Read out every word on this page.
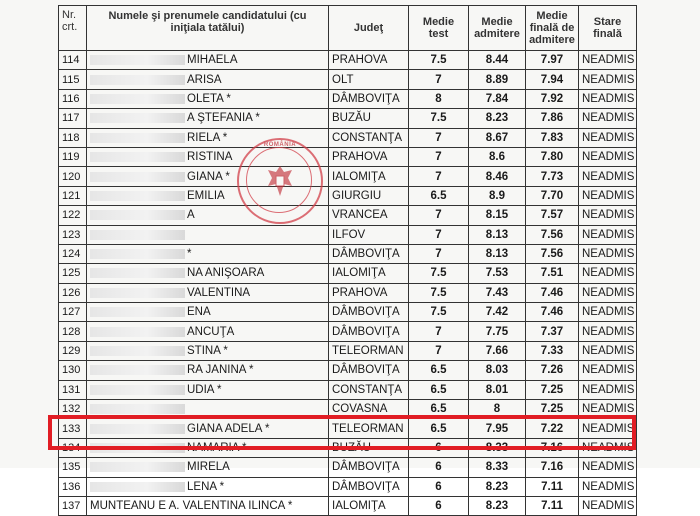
Nr. crt.	Numele şi prenumele candidatului (cu iniţiala tatălui)	Judeţ	Medie test	Medie admitere	Medie finală de admitere	Stare finală
114	MIHAELA	PRAHOVA	7.5	8.44	7.97	NEADMIS
115	ARISA	OLT	7	8.89	7.94	NEADMIS
116	OLETA *	DÂMBOVIŢA	8	7.84	7.92	NEADMIS
117	A ŞTEFANIA *	BUZĂU	7.5	8.23	7.86	NEADMIS
118	RIELA *	CONSTANŢA	7	8.67	7.83	NEADMIS
119	RISTINA	PRAHOVA	7	8.6	7.80	NEADMIS
120	GIANA *	IALOMIŢA	7	8.46	7.73	NEADMIS
121	EMILIA	GIURGIU	6.5	8.9	7.70	NEADMIS
122	A	VRANCEA	7	8.15	7.57	NEADMIS
123		ILFOV	7	8.13	7.56	NEADMIS
124	*	DÂMBOVIŢA	7	8.13	7.56	NEADMIS
125	NA ANIŞOARA	IALOMIŢA	7.5	7.53	7.51	NEADMIS
126	VALENTINA	PRAHOVA	7.5	7.43	7.46	NEADMIS
127	ENA	DÂMBOVIŢA	7.5	7.42	7.46	NEADMIS
128	ANCUŢA	DÂMBOVIŢA	7	7.75	7.37	NEADMIS
129	STINA *	TELEORMAN	7	7.66	7.33	NEADMIS
130	RA JANINA *	DÂMBOVIŢA	6.5	8.03	7.26	NEADMIS
131	UDIA *	CONSTANŢA	6.5	8.01	7.25	NEADMIS
132		COVASNA	6.5	8	7.25	NEADMIS
133	GIANA ADELA *	TELEORMAN	6.5	7.95	7.22	NEADMIS
134	NAMARIA *	BUZĂU	6	8.33	7.16	NEADMIS
135	MIRELA	DÂMBOVIŢA	6	8.33	7.16	NEADMIS
136	LENA *	DÂMBOVIŢA	6	8.23	7.11	NEADMIS
137	MUNTEANU E A. VALENTINA ILINCA *	IALOMIŢA	6	8.23	7.11	NEADMIS
ROMÂNIA
